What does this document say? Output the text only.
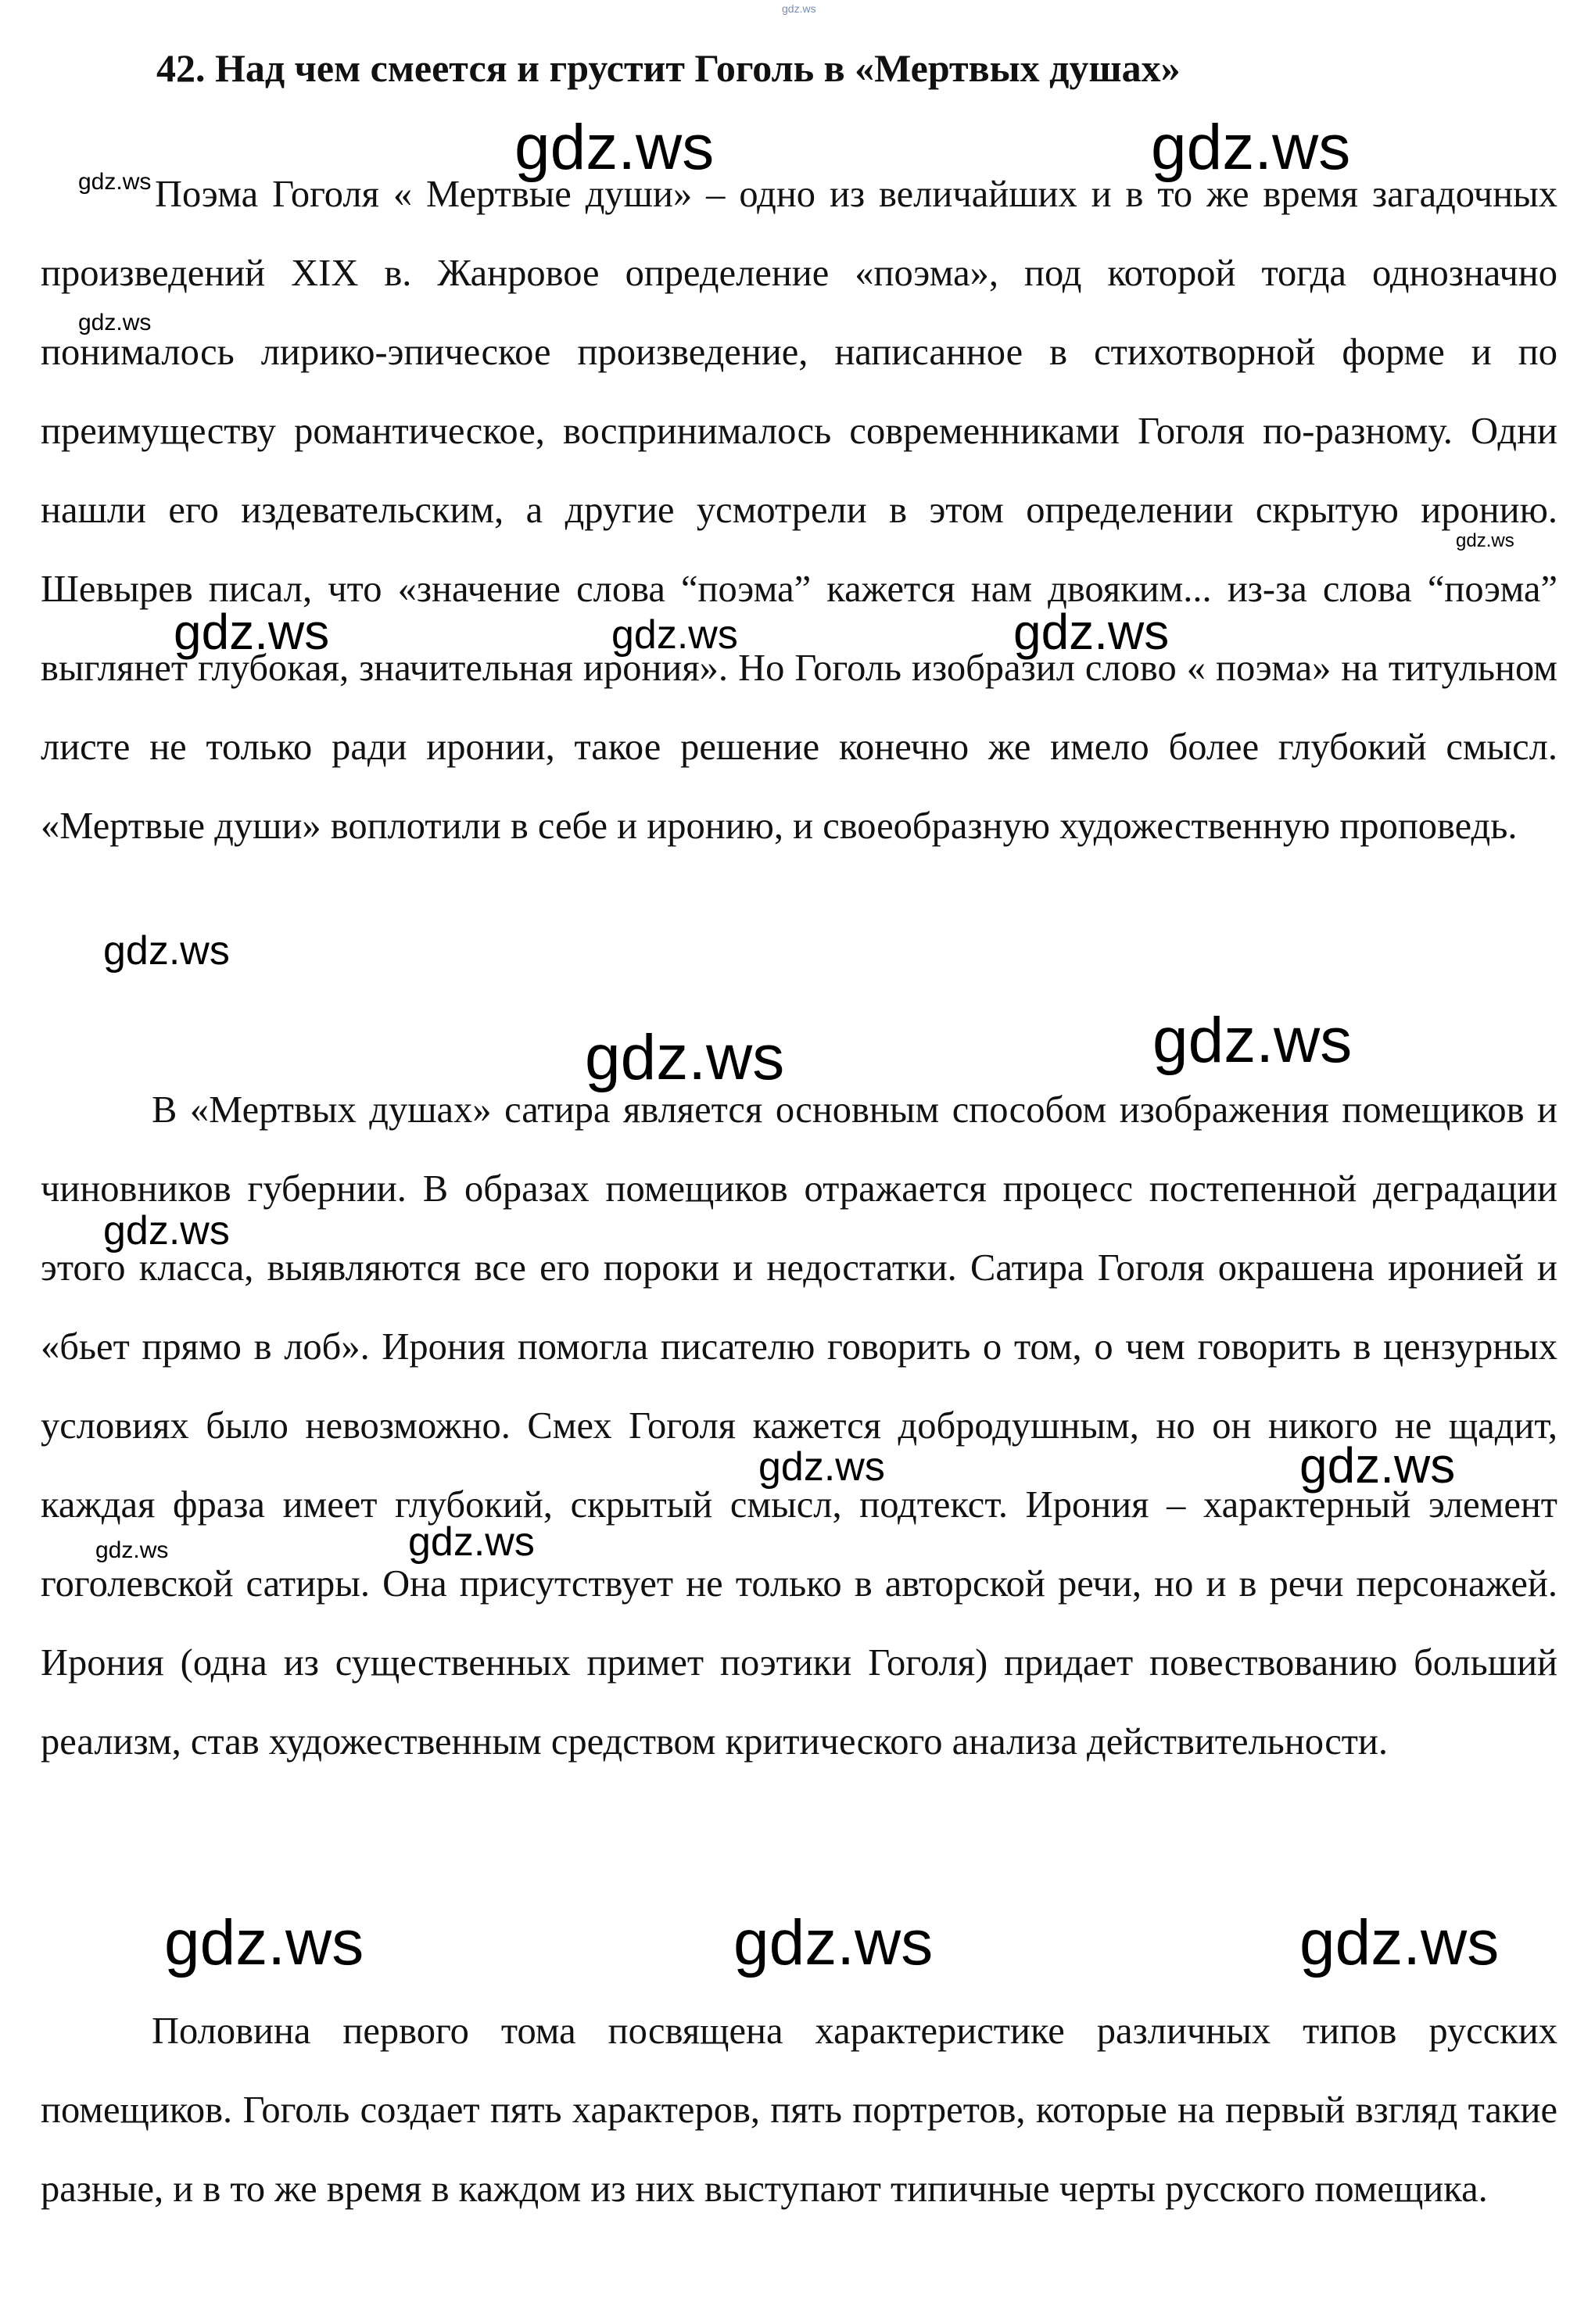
42. Над чем смеется и грустит Гоголь в «Мертвых душах»

Поэма Гоголя « Мертвые души» – одно из величайших и в то же время загадочных произведений XIX в. Жанровое определение «поэма», под которой тогда однозначно понималось лирико-эпическое произведение, написанное в стихотворной форме и по преимуществу романтическое, воспринималось современниками Гоголя по-разному. Одни нашли его издевательским, а другие усмотрели в этом определении скрытую иронию. Шевырев писал, что «значение слова “поэма” кажется нам двояким... из-за слова “поэма” выглянет глубокая, значительная ирония». Но Гоголь изобразил слово « поэма» на титульном листе не только ради иронии, такое решение конечно же имело более глубокий смысл. «Мертвые души» воплотили в себе и иронию, и своеобразную художественную проповедь.

В «Мертвых душах» сатира является основным способом изображения помещиков и чиновников губернии. В образах помещиков отражается процесс постепенной деградации этого класса, выявляются все его пороки и недостатки. Сатира Гоголя окрашена иронией и «бьет прямо в лоб». Ирония помогла писателю говорить о том, о чем говорить в цензурных условиях было невозможно. Смех Гоголя кажется добродушным, но он никого не щадит, каждая фраза имеет глубокий, скрытый смысл, подтекст. Ирония – характерный элемент гоголевской сатиры. Она присутствует не только в авторской речи, но и в речи персонажей. Ирония (одна из существенных примет поэтики Гоголя) придает повествованию больший реализм, став художественным средством критического анализа действительности.

Половина первого тома посвящена характеристике различных типов русских помещиков. Гоголь создает пять характеров, пять портретов, которые на первый взгляд такие разные, и в то же время в каждом из них выступают типичные черты русского помещика.

gdz.ws
gdz.ws	gdz.ws
gdz.ws
gdz.ws
gdz.ws
gdz.ws	gdz.ws	gdz.ws
gdz.ws
gdz.ws	gdz.ws
gdz.ws
gdz.ws	gdz.ws
gdz.ws
gdz.ws
gdz.ws	gdz.ws	gdz.ws
